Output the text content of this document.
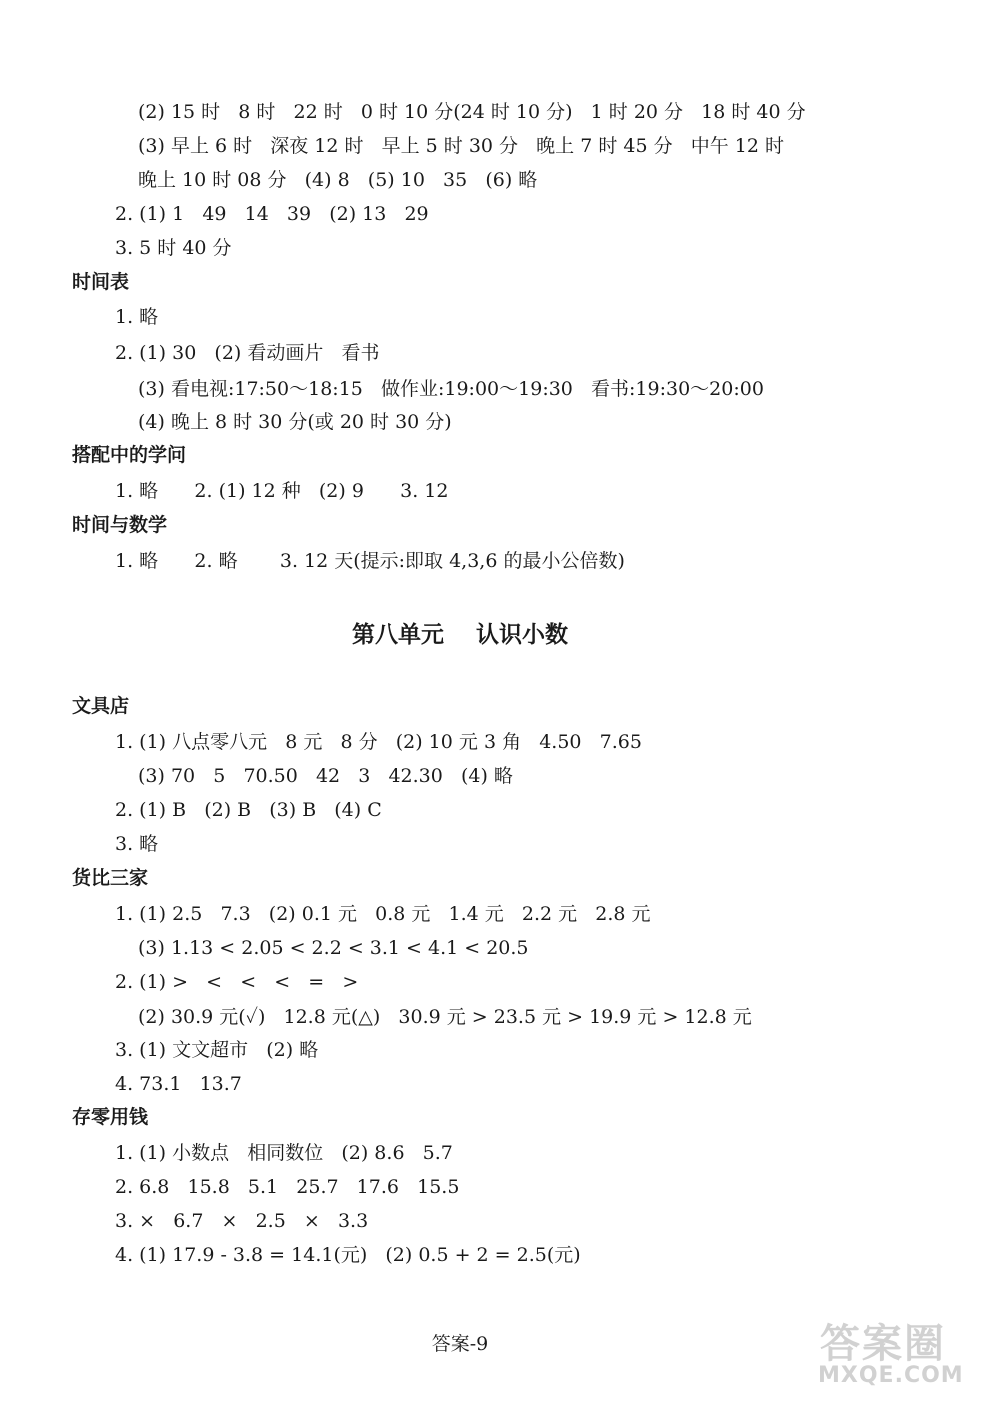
(2) 15 时   8 时   22 时   0 时 10 分(24 时 10 分)   1 时 20 分   18 时 40 分
(3) 早上 6 时   深夜 12 时   早上 5 时 30 分   晚上 7 时 45 分   中午 12 时
晚上 10 时 08 分   (4) 8   (5) 10   35   (6) 略
2. (1) 1   49   14   39   (2) 13   29
3. 5 时 40 分
时间表
1. 略
2. (1) 30   (2) 看动画片   看书
(3) 看电视:17:50～18:15   做作业:19:00～19:30   看书:19:30～20:00
(4) 晚上 8 时 30 分(或 20 时 30 分)
搭配中的学问
1. 略      2. (1) 12 种   (2) 9      3. 12
时间与数学
1. 略      2. 略       3. 12 天(提示:即取 4,3,6 的最小公倍数)
第八单元    认识小数
文具店
1. (1) 八点零八元   8 元   8 分   (2) 10 元 3 角   4.50   7.65
(3) 70   5   70.50   42   3   42.30   (4) 略
2. (1) B   (2) B   (3) B   (4) C
3. 略
货比三家
1. (1) 2.5   7.3   (2) 0.1 元   0.8 元   1.4 元   2.2 元   2.8 元
(3) 1.13 < 2.05 < 2.2 < 3.1 < 4.1 < 20.5
2. (1) >   <   <   <   =   >
(2) 30.9 元(✓)   12.8 元(△)   30.9 元 > 23.5 元 > 19.9 元 > 12.8 元
3. (1) 文文超市   (2) 略
4. 73.1   13.7
存零用钱
1. (1) 小数点   相同数位   (2) 8.6   5.7
2. 6.8   15.8   5.1   25.7   17.6   15.5
3. ×   6.7   ×   2.5   ×   3.3
4. (1) 17.9 - 3.8 = 14.1(元)   (2) 0.5 + 2 = 2.5(元)
答案-9	答案圈
MXQE.COM
